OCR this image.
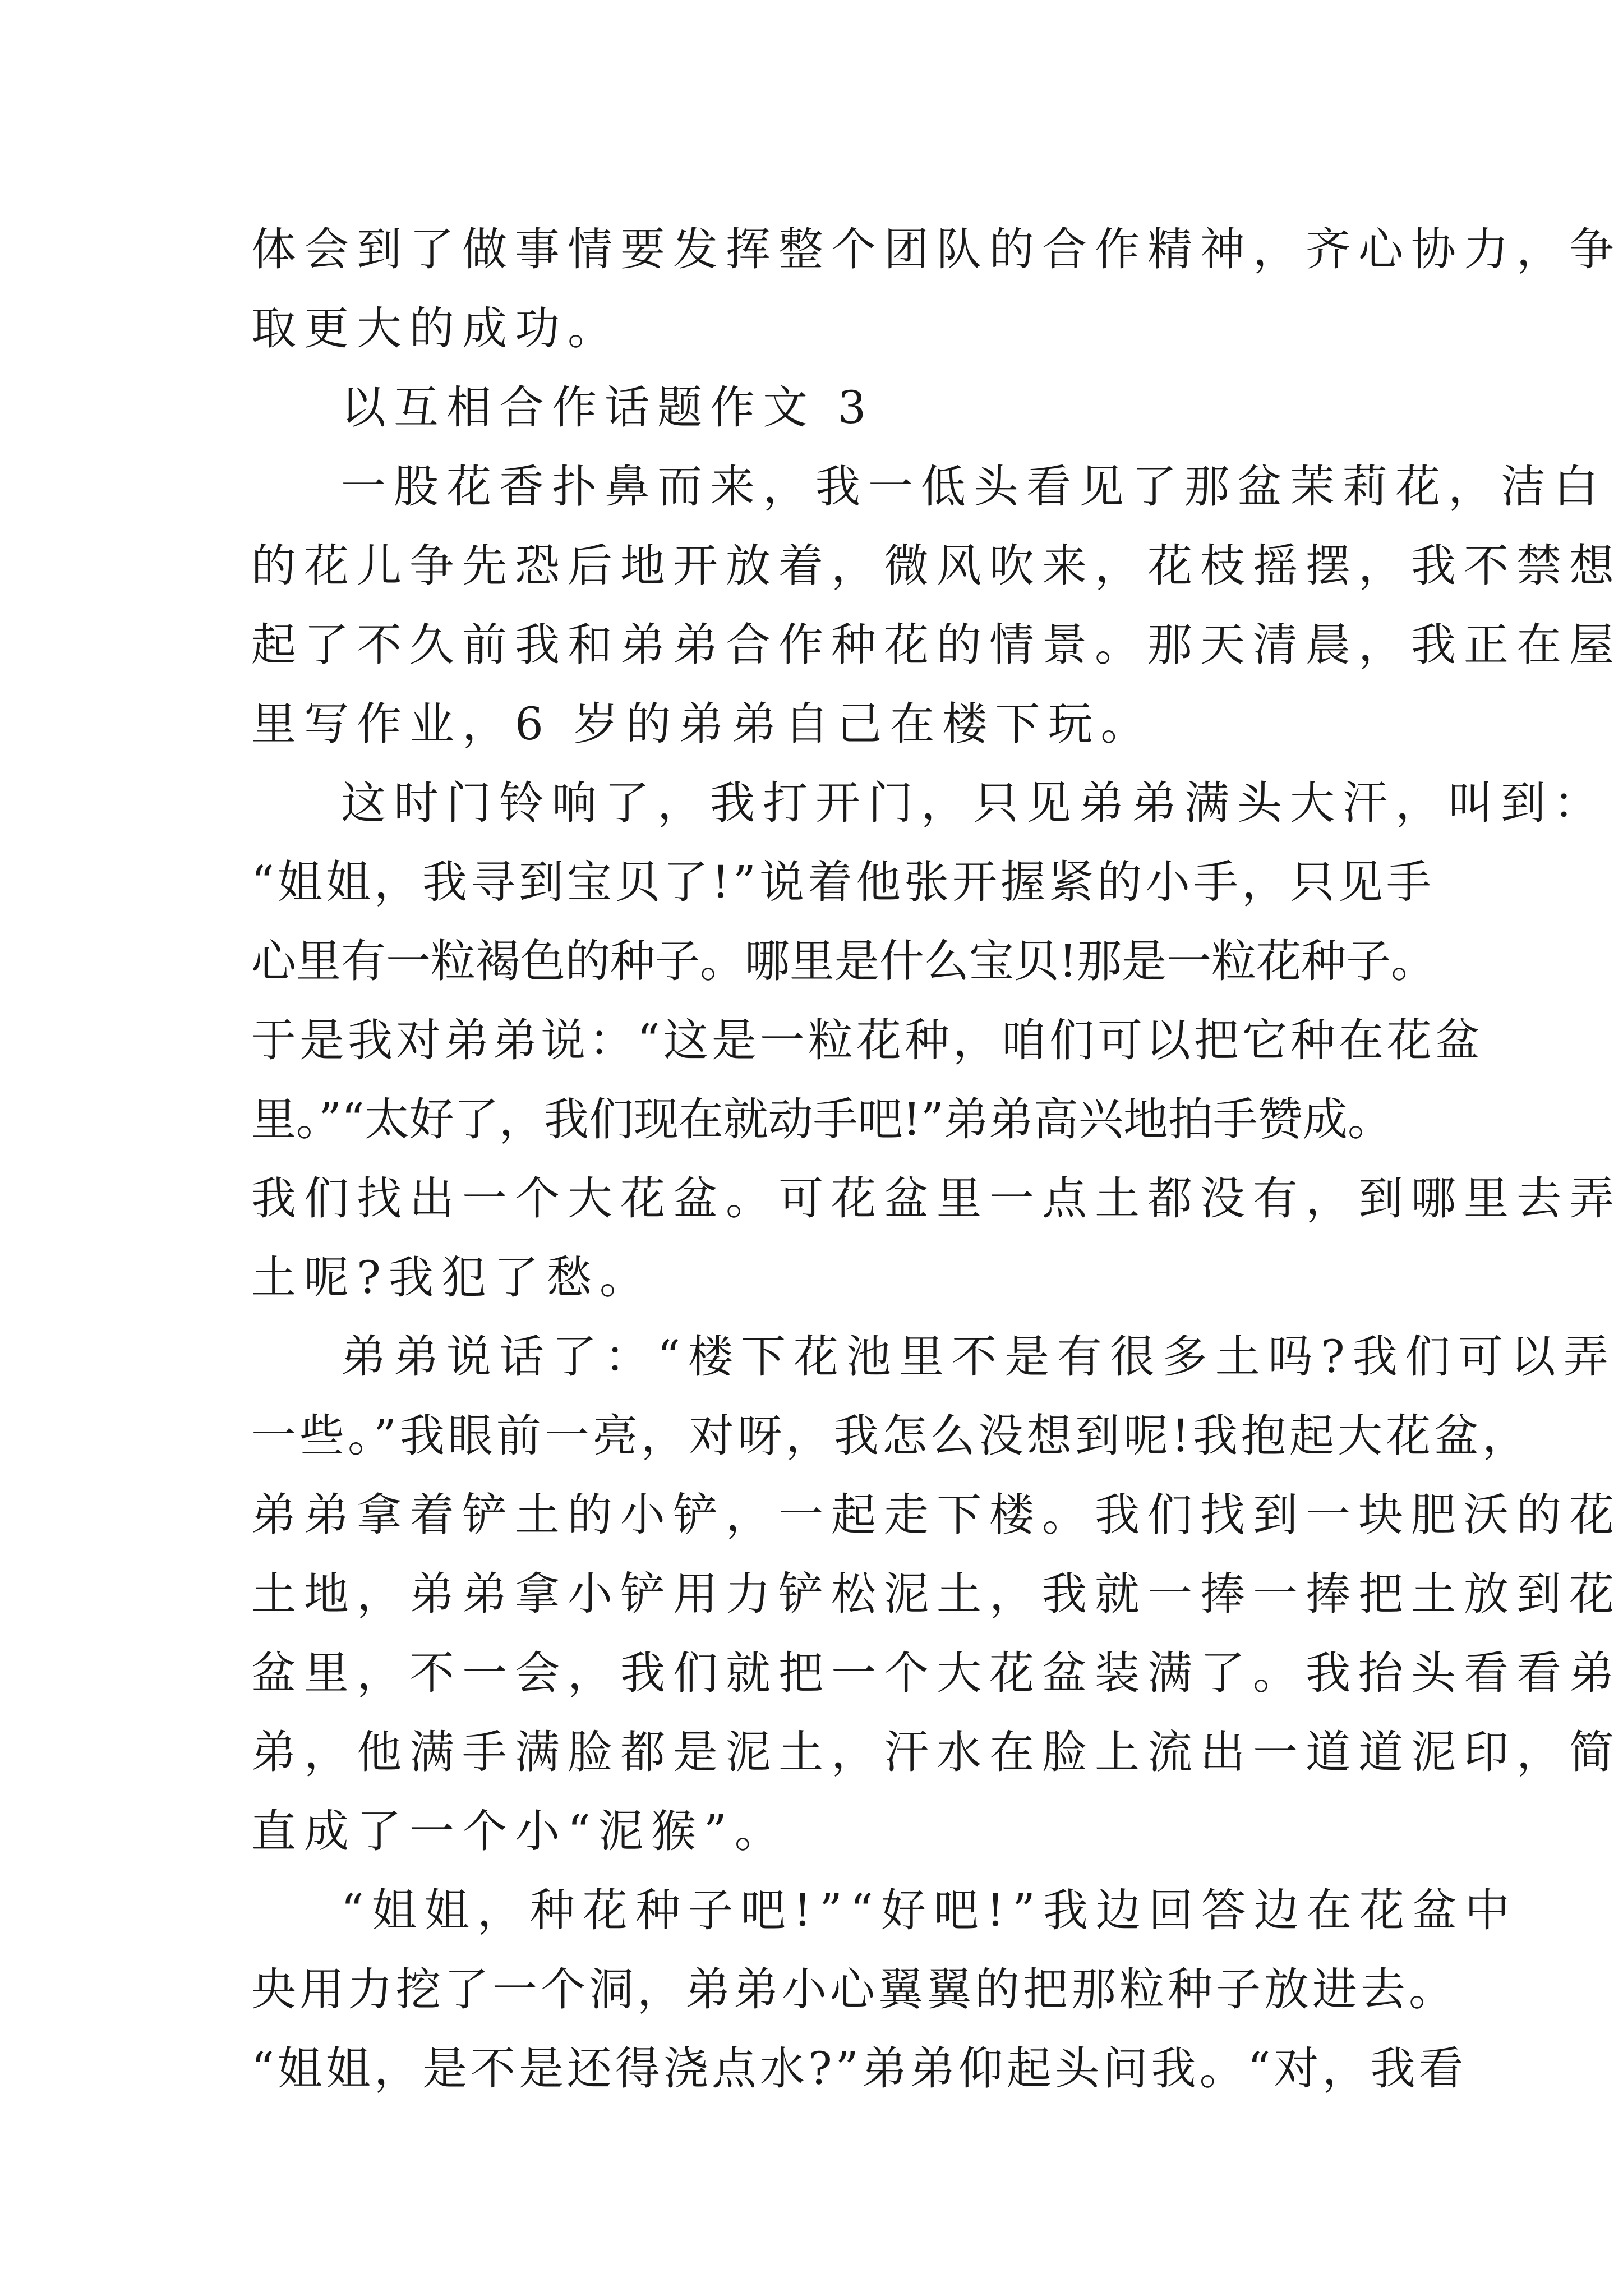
体会到了做事情要发挥整个团队的合作精神，齐心协力，争
取更大的成功。
以互相合作话题作文 3
一股花香扑鼻而来，我一低头看见了那盆茉莉花，洁白
的花儿争先恐后地开放着，微风吹来，花枝摇摆，我不禁想
起了不久前我和弟弟合作种花的情景。那天清晨，我正在屋
里写作业，6 岁的弟弟自己在楼下玩。
这时门铃响了，我打开门，只见弟弟满头大汗，叫到：
“姐姐，我寻到宝贝了!”说着他张开握紧的小手，只见手
心里有一粒褐色的种子。哪里是什么宝贝!那是一粒花种子。
于是我对弟弟说：“这是一粒花种，咱们可以把它种在花盆
里。”“太好了，我们现在就动手吧!”弟弟高兴地拍手赞成。
我们找出一个大花盆。可花盆里一点土都没有，到哪里去弄
土呢?我犯了愁。
弟弟说话了：“楼下花池里不是有很多土吗?我们可以弄
一些。”我眼前一亮，对呀，我怎么没想到呢!我抱起大花盆，
弟弟拿着铲土的小铲，一起走下楼。我们找到一块肥沃的花
土地，弟弟拿小铲用力铲松泥土，我就一捧一捧把土放到花
盆里，不一会，我们就把一个大花盆装满了。我抬头看看弟
弟，他满手满脸都是泥土，汗水在脸上流出一道道泥印，简
直成了一个小“泥猴”。
“姐姐，种花种子吧!”“好吧!”我边回答边在花盆中
央用力挖了一个洞，弟弟小心翼翼的把那粒种子放进去。
“姐姐，是不是还得浇点水?”弟弟仰起头问我。“对，我看
